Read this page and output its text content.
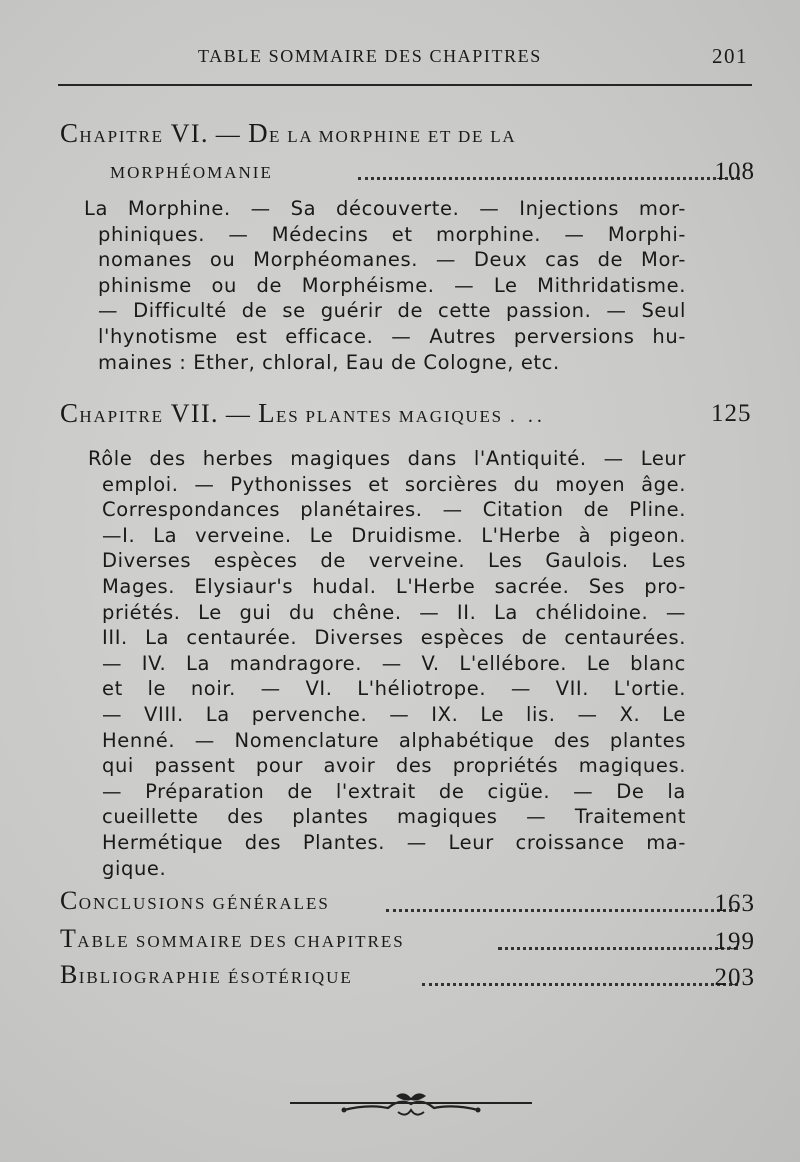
TABLE SOMMAIRE DES CHAPITRES	201
CHAPITRE VI. — DE LA MORPHINE ET DE LA
MORPHÉOMANIE	108
La Morphine. — Sa découverte. — Injections mor-
phiniques. — Médecins et morphine. — Morphi-
nomanes ou Morphéomanes. — Deux cas de Mor-
phinisme ou de Morphéisme. — Le Mithridatisme.
— Difficulté de se guérir de cette passion. — Seul
l'hynotisme est efficace. — Autres perversions hu-
maines : Ether, chloral, Eau de Cologne, etc.
CHAPITRE VII. — LES PLANTES MAGIQUES . ..	125
Rôle des herbes magiques dans l'Antiquité. — Leur
emploi. — Pythonisses et sorcières du moyen âge.
Correspondances planétaires. — Citation de Pline.
—I. La verveine. Le Druidisme. L'Herbe à pigeon.
Diverses espèces de verveine. Les Gaulois. Les
Mages. Elysiaur's hudal. L'Herbe sacrée. Ses pro-
priétés. Le gui du chêne. — II. La chélidoine. —
III. La centaurée. Diverses espèces de centaurées.
— IV. La mandragore. — V. L'ellébore. Le blanc
et le noir. — VI. L'héliotrope. — VII. L'ortie.
— VIII. La pervenche. — IX. Le lis. — X. Le
Henné. — Nomenclature alphabétique des plantes
qui passent pour avoir des propriétés magiques.
— Préparation de l'extrait de cigüe. — De la
cueillette des plantes magiques — Traitement
Hermétique des Plantes. — Leur croissance ma-
gique.
CONCLUSIONS GÉNÉRALES	163
TABLE SOMMAIRE DES CHAPITRES	199
BIBLIOGRAPHIE ÉSOTÉRIQUE	203
